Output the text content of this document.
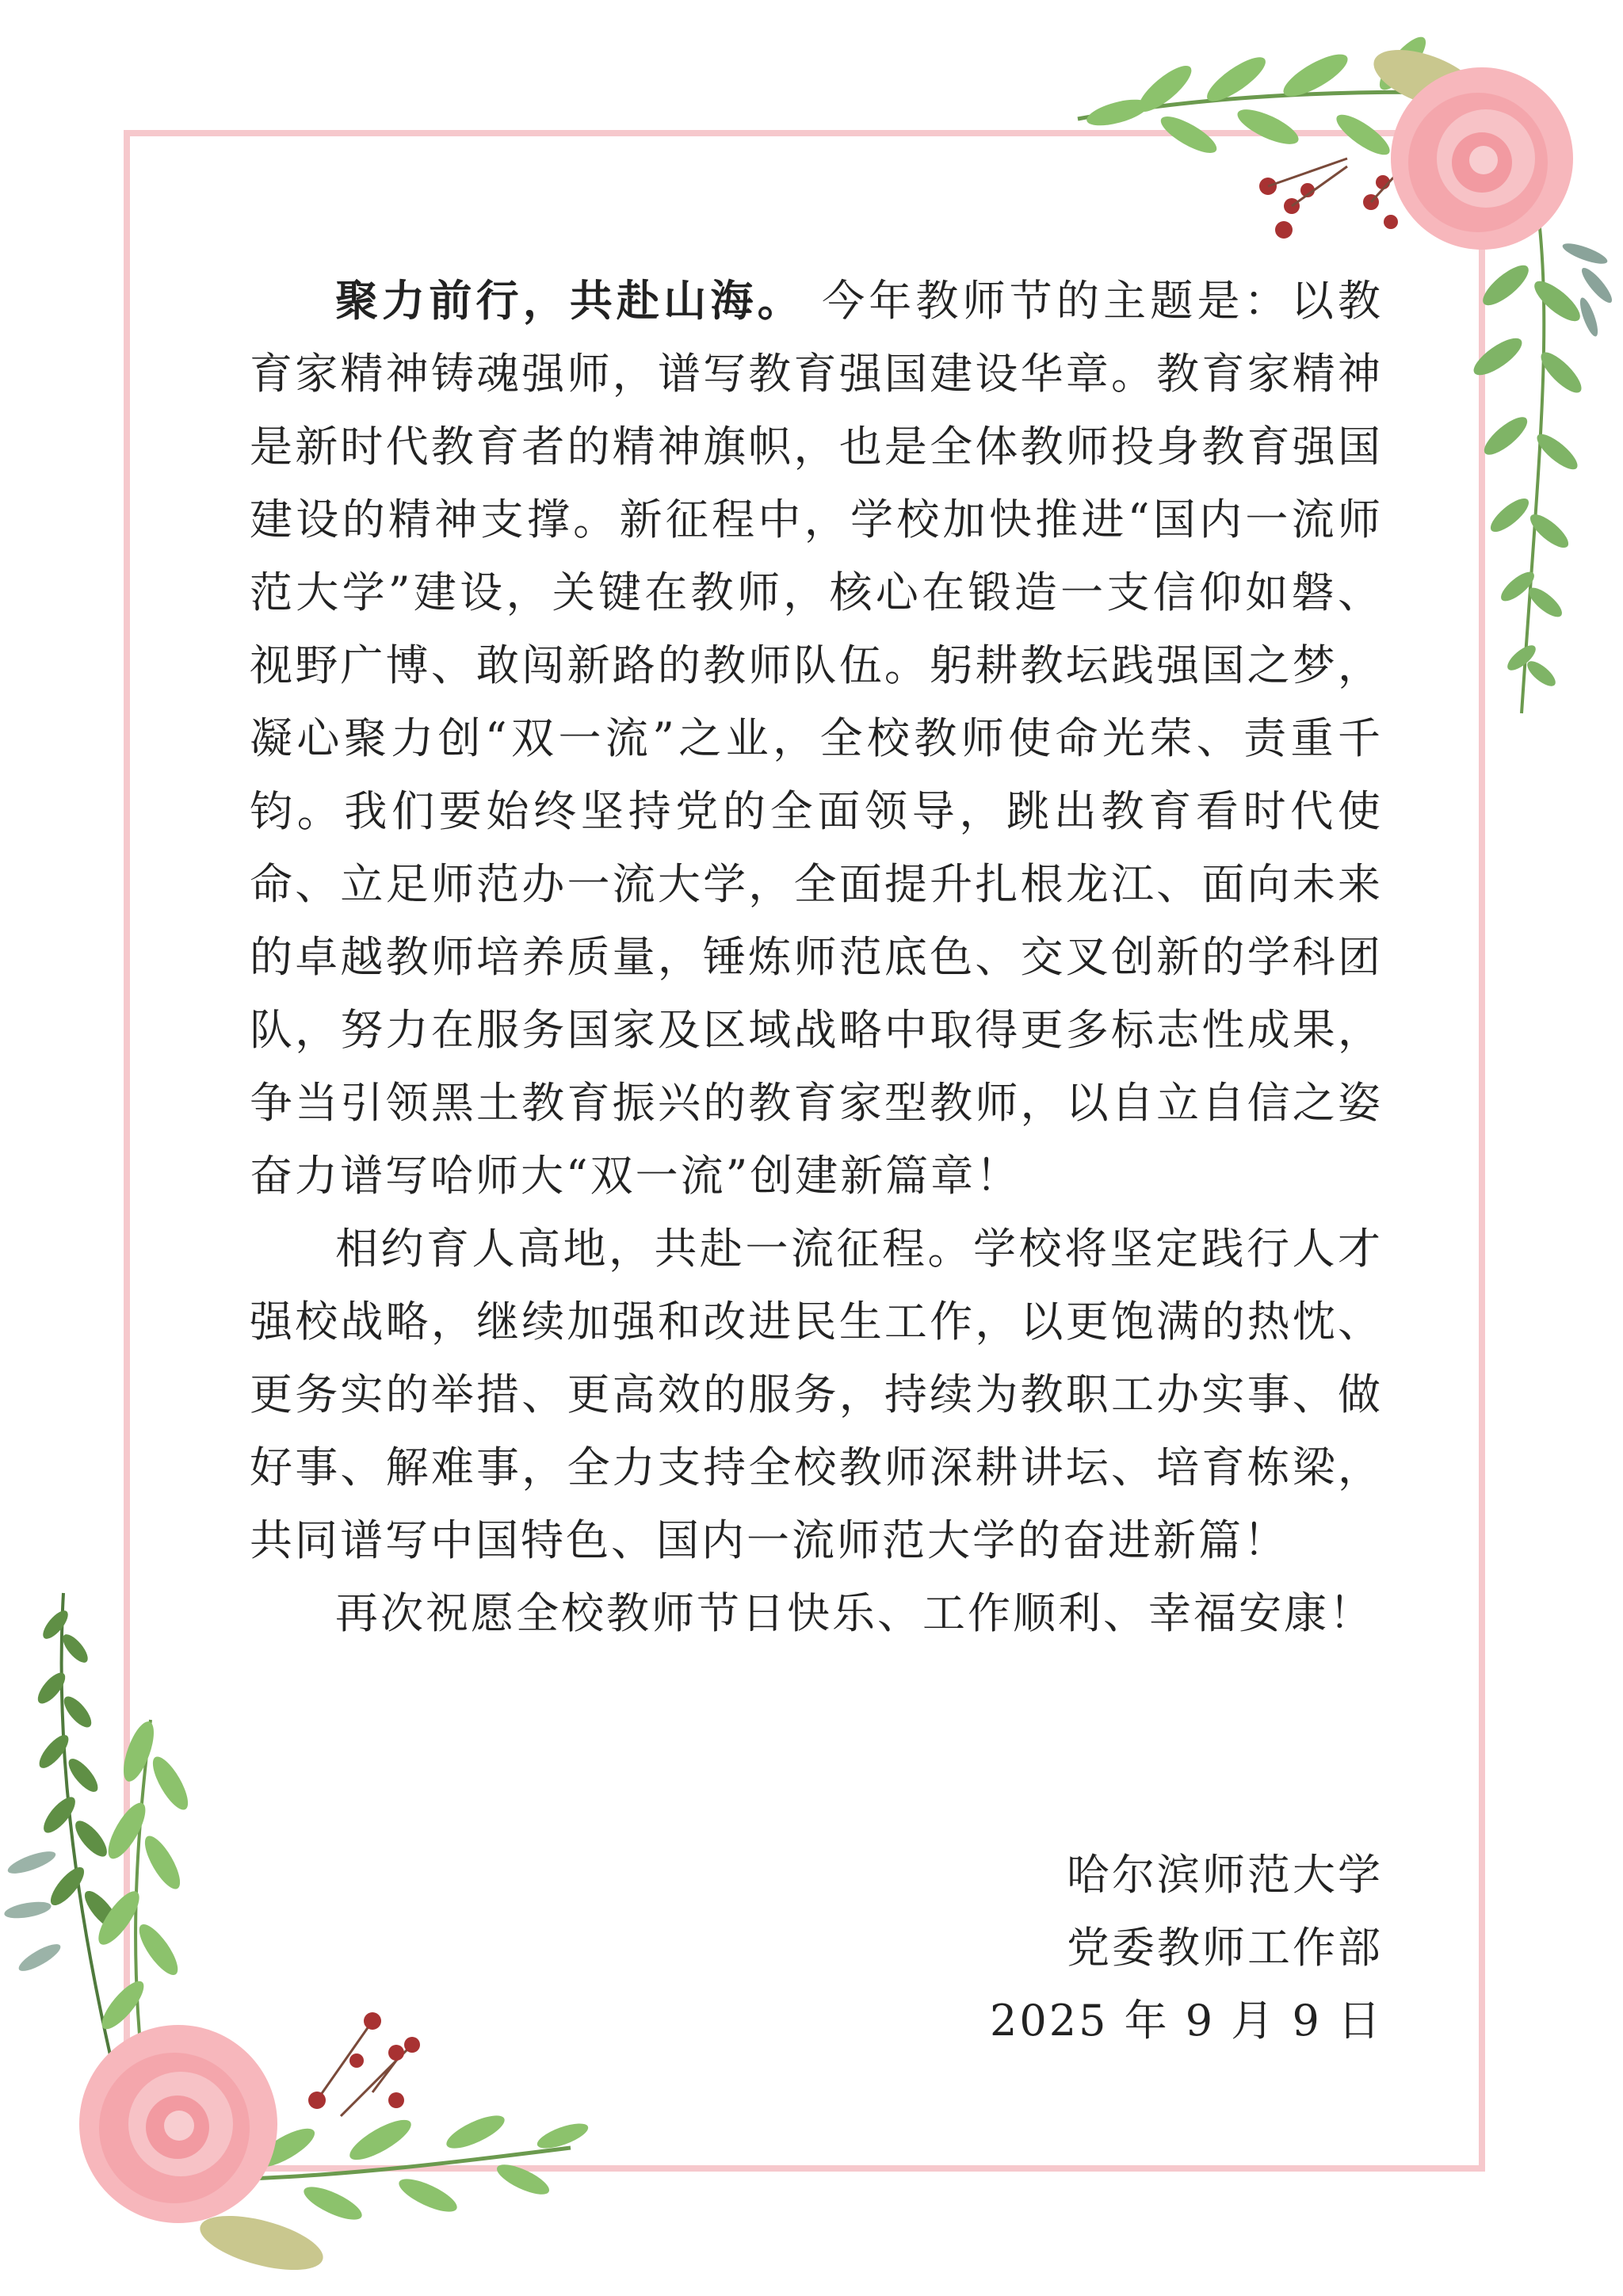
聚力前行，共赴山海。 今年教师节的主题是：以教育家精神铸魂强师，谱写教育强国建设华章。教育家精神是新时代教育者的精神旗帜，也是全体教师投身教育强国建设的精神支撑。新征程中，学校加快推进“国内一流师范大学”建设，关键在教师，核心在锻造一支信仰如磐、视野广博、敢闯新路的教师队伍。躬耕教坛践强国之梦，凝心聚力创“双一流”之业，全校教师使命光荣、责重千钧。我们要始终坚持党的全面领导，跳出教育看时代使命、立足师范办一流大学，全面提升扎根龙江、面向未来的卓越教师培养质量，锤炼师范底色、交叉创新的学科团队，努力在服务国家及区域战略中取得更多标志性成果，争当引领黑土教育振兴的教育家型教师，以自立自信之姿奋力谱写哈师大“双一流”创建新篇章！

相约育人高地，共赴一流征程。学校将坚定践行人才强校战略，继续加强和改进民生工作，以更饱满的热忱、更务实的举措、更高效的服务，持续为教职工办实事、做好事、解难事，全力支持全校教师深耕讲坛、培育栋梁，共同谱写中国特色、国内一流师范大学的奋进新篇！

再次祝愿全校教师节日快乐、工作顺利、幸福安康！

哈尔滨师范大学
党委教师工作部
2025 年 9 月 9 日
